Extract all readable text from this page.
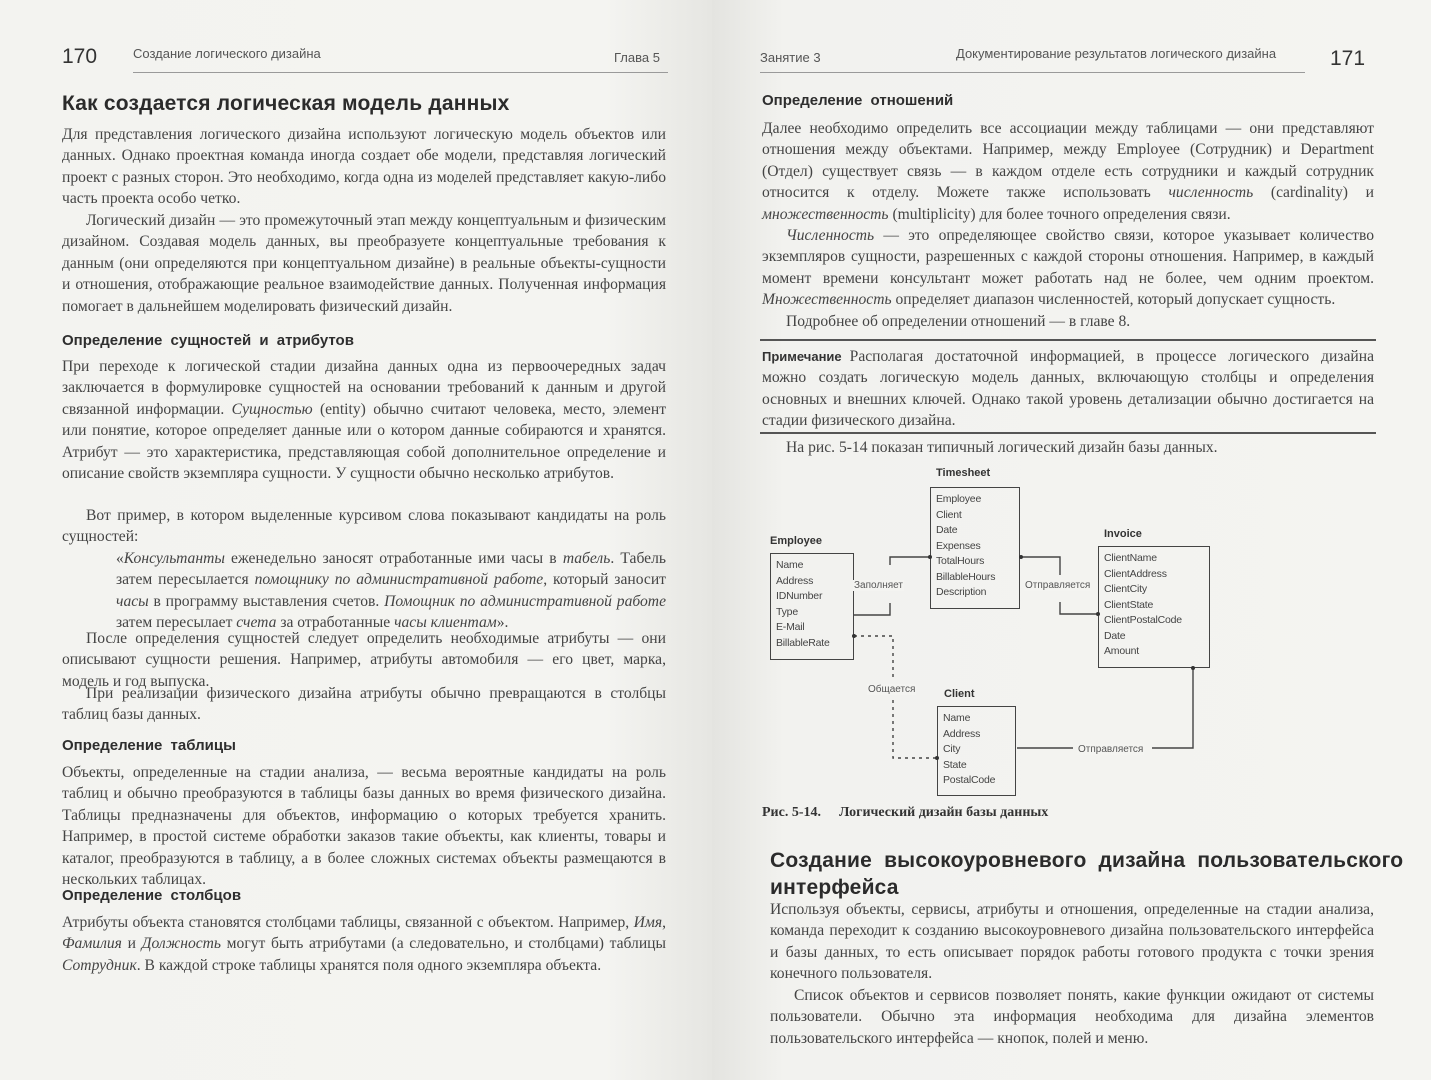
170	Создание логического дизайна	Глава 5
Как создается логическая модель данных
Для представления логического дизайна используют логическую модель объектов или данных. Однако проектная команда иногда создает обе модели, представляя логический проект с разных сторон. Это необходимо, когда одна из моделей представляет какую-либо часть проекта особо четко.
Логический дизайн — это промежуточный этап между концептуальным и физическим дизайном. Создавая модель данных, вы преобразуете концептуальные требования к данным (они определяются при концептуальном дизайне) в реальные объекты-сущности и отношения, отображающие реальное взаимодействие данных. Полученная информация помогает в дальнейшем моделировать физический дизайн.
Определение сущностей и атрибутов
При переходе к логической стадии дизайна данных одна из первоочередных задач заключается в формулировке сущностей на основании требований к данным и другой связанной информации. Сущностью (entity) обычно считают человека, место, элемент или понятие, которое определяет данные или о котором данные собираются и хранятся. Атрибут — это характеристика, представляющая собой дополнительное определение и описание свойств экземпляра сущности. У сущности обычно несколько атрибутов.
Вот пример, в котором выделенные курсивом слова показывают кандидаты на роль сущностей:
«Консультанты еженедельно заносят отработанные ими часы в табель. Табель затем пересылается помощнику по административной работе, который заносит часы в программу выставления счетов. Помощник по административной работе затем пересылает счета за отработанные часы клиентам».
После определения сущностей следует определить необходимые атрибуты — они описывают сущности решения. Например, атрибуты автомобиля — его цвет, марка, модель и год выпуска.
При реализации физического дизайна атрибуты обычно превращаются в столбцы таблиц базы данных.
Определение таблицы
Объекты, определенные на стадии анализа, — весьма вероятные кандидаты на роль таблиц и обычно преобразуются в таблицы базы данных во время физического дизайна. Таблицы предназначены для объектов, информацию о которых требуется хранить. Например, в простой системе обработки заказов такие объекты, как клиенты, товары и каталог, преобразуются в таблицу, а в более сложных системах объекты размещаются в нескольких таблицах.
Определение столбцов
Атрибуты объекта становятся столбцами таблицы, связанной с объектом. Например, Имя, Фамилия и Должность могут быть атрибутами (а следовательно, и столбцами) таблицы Сотрудник. В каждой строке таблицы хранятся поля одного экземпляра объекта.
Занятие 3	Документирование результатов логического дизайна	171
Определение отношений
Далее необходимо определить все ассоциации между таблицами — они представляют отношения между объектами. Например, между Employee (Сотрудник) и Department (Отдел) существует связь — в каждом отделе есть сотрудники и каждый сотрудник относится к отделу. Можете также использовать численность (cardinality) и множественность (multiplicity) для более точного определения связи.
Численность — это определяющее свойство связи, которое указывает количество экземпляров сущности, разрешенных с каждой стороны отношения. Например, в каждый момент времени консультант может работать над не более, чем одним проектом. Множественность определяет диапазон численностей, который допускает сущность.
Подробнее об определении отношений — в главе 8.
Примечание Располагая достаточной информацией, в процессе логического дизайна можно создать логическую модель данных, включающую столбцы и определения основных и внешних ключей. Однако такой уровень детализации обычно достигается на стадии физического дизайна.
На рис. 5-14 показан типичный логический дизайн базы данных.
Employee
Name
Address
IDNumber
Type
E-Mail
BillableRate
Timesheet
Employee
Client
Date
Expenses
TotalHours
BillableHours
Description
Invoice
ClientName
ClientAddress
ClientCity
ClientState
ClientPostalCode
Date
Amount
Client
Name
Address
City
State
PostalCode
Заполняет	Отправляется
Общается
Отправляется
Рис. 5-14. Логический дизайн базы данных
Создание высокоуровневого дизайна пользовательского
интерфейса
Используя объекты, сервисы, атрибуты и отношения, определенные на стадии анализа, команда переходит к созданию высокоуровневого дизайна пользовательского интерфейса и базы данных, то есть описывает порядок работы готового продукта с точки зрения конечного пользователя.
Список объектов и сервисов позволяет понять, какие функции ожидают от системы пользователи. Обычно эта информация необходима для дизайна элементов пользовательского интерфейса — кнопок, полей и меню.
